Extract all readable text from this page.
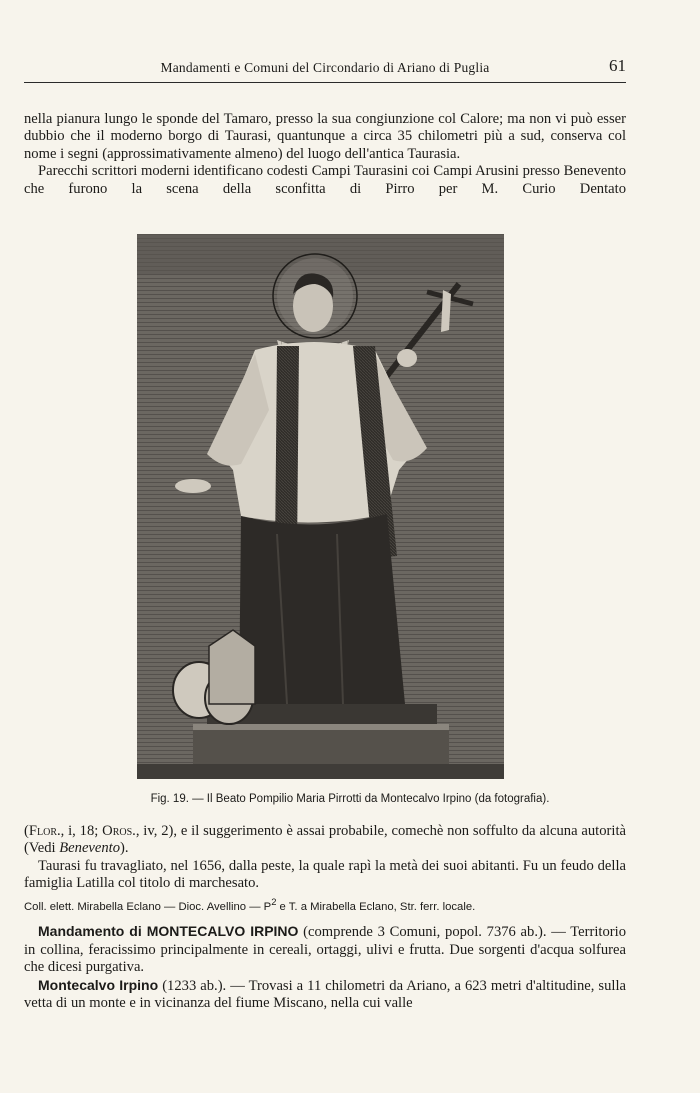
Mandamenti e Comuni del Circondario di Ariano di Puglia	61

nella pianura lungo le sponde del Tamaro, presso la sua congiunzione col Calore; ma non vi può esser dubbio che il moderno borgo di Taurasi, quantunque a circa 35 chilometri più a sud, conserva col nome i segni (approssimativamente almeno) del luogo dell'antica Taurasia.

Parecchi scrittori moderni identificano codesti Campi Taurasini coi Campi Arusini presso Benevento che furono la scena della sconfitta di Pirro per M. Curio Dentato

Fig. 19. — Il Beato Pompilio Maria Pirrotti da Montecalvo Irpino (da fotografia).

(Flor., i, 18; Oros., iv, 2), e il suggerimento è assai probabile, comechè non soffulto da alcuna autorità (Vedi Benevento).

Taurasi fu travagliato, nel 1656, dalla peste, la quale rapì la metà dei suoi abitanti. Fu un feudo della famiglia Latilla col titolo di marchesato.

Coll. elett. Mirabella Eclano — Dioc. Avellino — $P^2$ e T. a Mirabella Eclano, Str. ferr. locale.

Mandamento di MONTECALVO IRPINO (comprende 3 Comuni, popol. 7376 ab.). — Territorio in collina, feracissimo principalmente in cereali, ortaggi, ulivi e frutta. Due sorgenti d'acqua solfurea che dicesi purgativa.

Montecalvo Irpino (1233 ab.). — Trovasi a 11 chilometri da Ariano, a 623 metri d'altitudine, sulla vetta di un monte e in vicinanza del fiume Miscano, nella cui valle
